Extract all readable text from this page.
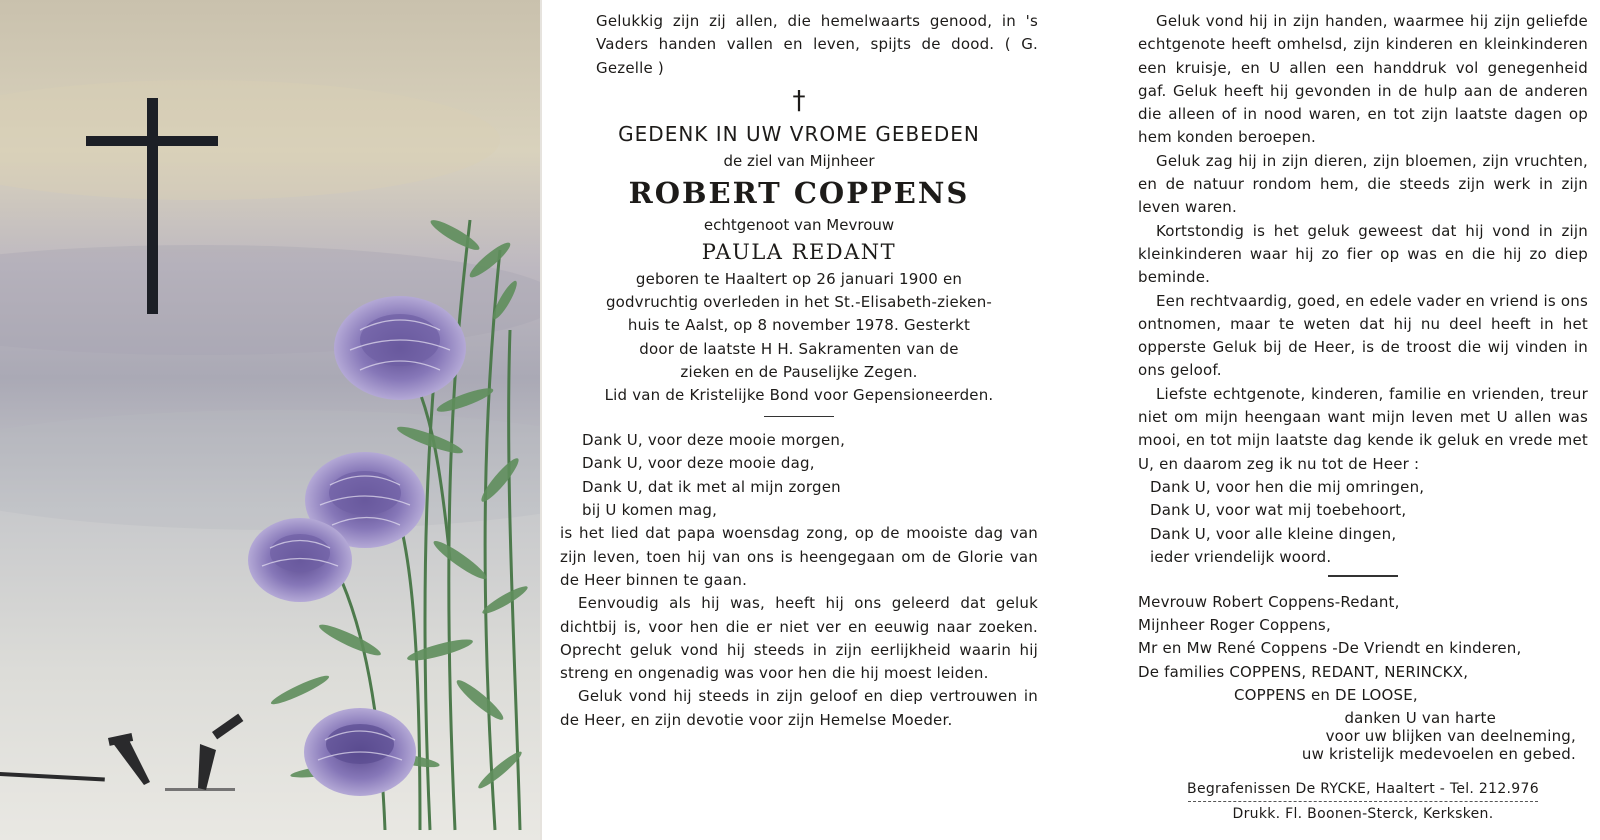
Gelukkig zijn zij allen, die hemelwaarts genood, in 's Vaders handen vallen en leven, spijts de dood. ( G. Gezelle )

†
GEDENK IN UW VROME GEBEDEN
de ziel van Mijnheer
ROBERT COPPENS
echtgenoot van Mevrouw
PAULA REDANT
geboren te Haaltert op 26 januari 1900 en
godvruchtig overleden in het St.-Elisabeth-zieken-
huis te Aalst, op 8 november 1978. Gesterkt
door de laatste H H. Sakramenten van de
zieken en de Pauselijke Zegen.
Lid van de Kristelijke Bond voor Gepensioneerden.

Dank U, voor deze mooie morgen,

Dank U, voor deze mooie dag,

Dank U, dat ik met al mijn zorgen

bij U komen mag,

is het lied dat papa woensdag zong, op de mooiste dag van zijn leven, toen hij van ons is heengegaan om de Glorie van de Heer binnen te gaan.

Eenvoudig als hij was, heeft hij ons geleerd dat geluk dichtbij is, voor hen die er niet ver en eeuwig naar zoeken. Oprecht geluk vond hij steeds in zijn eerlijkheid waarin hij streng en ongenadig was voor hen die hij moest leiden.

Geluk vond hij steeds in zijn geloof en diep vertrouwen in de Heer, en zijn devotie voor zijn Hemelse Moeder.

Geluk vond hij in zijn handen, waarmee hij zijn geliefde echtgenote heeft omhelsd, zijn kinderen en kleinkinderen een kruisje, en U allen een handdruk vol genegenheid gaf. Geluk heeft hij gevonden in de hulp aan de anderen die alleen of in nood waren, en tot zijn laatste dagen op hem konden beroepen.

Geluk zag hij in zijn dieren, zijn bloemen, zijn vruchten, en de natuur rondom hem, die steeds zijn werk in zijn leven waren.

Kortstondig is het geluk geweest dat hij vond in zijn kleinkinderen waar hij zo fier op was en die hij zo diep beminde.

Een rechtvaardig, goed, en edele vader en vriend is ons ontnomen, maar te weten dat hij nu deel heeft in het opperste Geluk bij de Heer, is de troost die wij vinden in ons geloof.

Liefste echtgenote, kinderen, familie en vrienden, treur niet om mijn heengaan want mijn leven met U allen was mooi, en tot mijn laatste dag kende ik geluk en vrede met U, en daarom zeg ik nu tot de Heer :

Dank U, voor hen die mij omringen,

Dank U, voor wat mij toebehoort,

Dank U, voor alle kleine dingen,

ieder vriendelijk woord.

Mevrouw Robert Coppens-Redant,

Mijnheer Roger Coppens,

Mr en Mw René Coppens -De Vriendt en kinderen,

De families COPPENS, REDANT, NERINCKX,

COPPENS en DE LOOSE,

danken U van harte

voor uw blijken van deelneming,

uw kristelijk medevoelen en gebed.

Begrafenissen De RYCKE, Haaltert - Tel. 212.976
Drukk. Fl. Boonen-Sterck, Kerksken.
